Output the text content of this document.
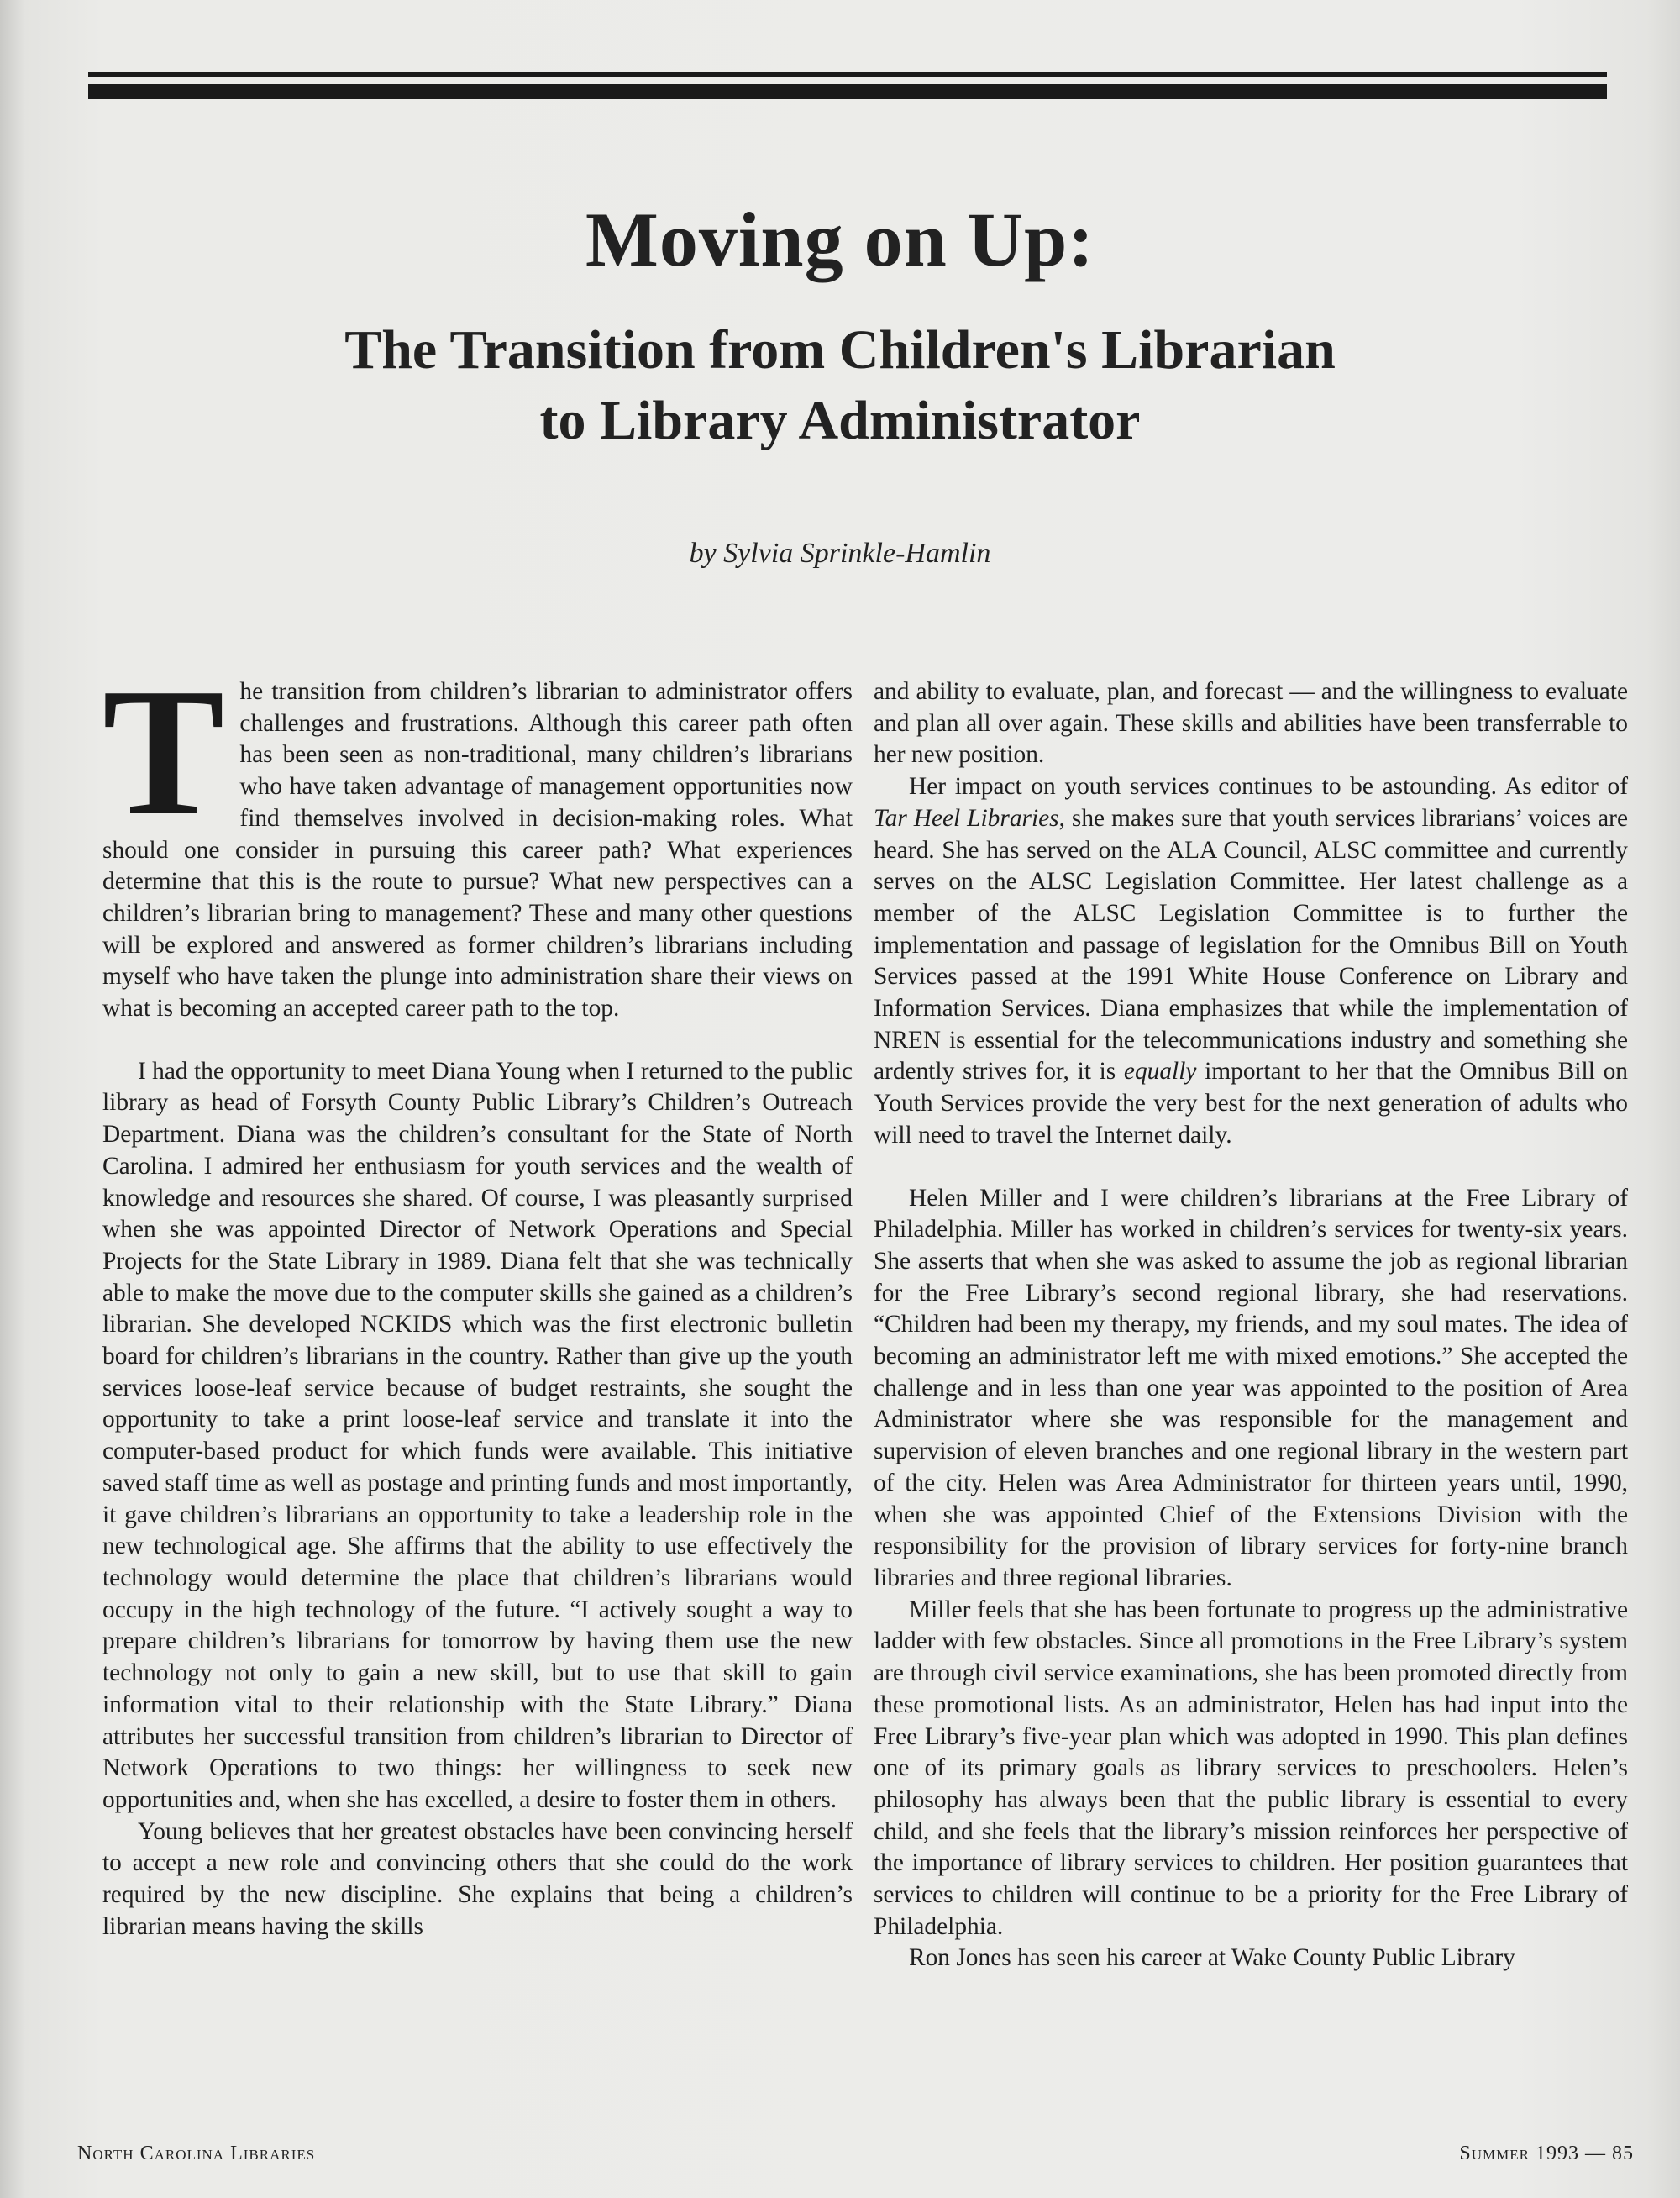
Moving on Up:
The Transition from Children's Librarian
to Library Administrator
by Sylvia Sprinkle-Hamlin

The transition from children’s librarian to administrator offers challenges and frustrations. Although this career path often has been seen as non-traditional, many children’s librarians who have taken advantage of management opportunities now find themselves involved in decision-making roles. What should one consider in pursuing this career path? What experiences determine that this is the route to pursue? What new perspectives can a children’s librarian bring to management? These and many other questions will be explored and answered as former children’s librarians including myself who have taken the plunge into administration share their views on what is becoming an accepted career path to the top.

I had the opportunity to meet Diana Young when I returned to the public library as head of Forsyth County Public Library’s Children’s Outreach Department. Diana was the children’s consultant for the State of North Carolina. I admired her enthusiasm for youth services and the wealth of knowledge and resources she shared. Of course, I was pleasantly surprised when she was appointed Director of Network Operations and Special Projects for the State Library in 1989. Diana felt that she was technically able to make the move due to the computer skills she gained as a children’s librarian. She developed NCKIDS which was the first electronic bulletin board for children’s librarians in the country. Rather than give up the youth services loose-leaf service because of budget restraints, she sought the opportunity to take a print loose-leaf service and translate it into the computer-based product for which funds were available. This initiative saved staff time as well as postage and printing funds and most importantly, it gave children’s librarians an opportunity to take a leadership role in the new technological age. She affirms that the ability to use effectively the technology would determine the place that children’s librarians would occupy in the high technology of the future. “I actively sought a way to prepare children’s librarians for tomorrow by having them use the new technology not only to gain a new skill, but to use that skill to gain information vital to their relationship with the State Library.” Diana attributes her successful transition from children’s librarian to Director of Network Operations to two things: her willingness to seek new opportunities and, when she has excelled, a desire to foster them in others.

Young believes that her greatest obstacles have been convincing herself to accept a new role and convincing others that she could do the work required by the new discipline. She explains that being a children’s librarian means having the skills

and ability to evaluate, plan, and forecast — and the willingness to evaluate and plan all over again. These skills and abilities have been transferrable to her new position.

Her impact on youth services continues to be astounding. As editor of Tar Heel Libraries, she makes sure that youth services librarians’ voices are heard. She has served on the ALA Council, ALSC committee and currently serves on the ALSC Legislation Committee. Her latest challenge as a member of the ALSC Legislation Committee is to further the implementation and passage of legislation for the Omnibus Bill on Youth Services passed at the 1991 White House Conference on Library and Information Services. Diana emphasizes that while the implementation of NREN is essential for the telecommunications industry and something she ardently strives for, it is equally important to her that the Omnibus Bill on Youth Services provide the very best for the next generation of adults who will need to travel the Internet daily.

Helen Miller and I were children’s librarians at the Free Library of Philadelphia. Miller has worked in children’s services for twenty-six years. She asserts that when she was asked to assume the job as regional librarian for the Free Library’s second regional library, she had reservations. “Children had been my therapy, my friends, and my soul mates. The idea of becoming an administrator left me with mixed emotions.” She accepted the challenge and in less than one year was appointed to the position of Area Administrator where she was responsible for the management and supervision of eleven branches and one regional library in the western part of the city. Helen was Area Administrator for thirteen years until, 1990, when she was appointed Chief of the Extensions Division with the responsibility for the provision of library services for forty-nine branch libraries and three regional libraries.

Miller feels that she has been fortunate to progress up the administrative ladder with few obstacles. Since all promotions in the Free Library’s system are through civil service examinations, she has been promoted directly from these promotional lists. As an administrator, Helen has had input into the Free Library’s five-year plan which was adopted in 1990. This plan defines one of its primary goals as library services to preschoolers. Helen’s philosophy has always been that the public library is essential to every child, and she feels that the library’s mission reinforces her perspective of the importance of library services to children. Her position guarantees that services to children will continue to be a priority for the Free Library of Philadelphia.

Ron Jones has seen his career at Wake County Public Library

North Carolina Libraries	Summer 1993 — 85
